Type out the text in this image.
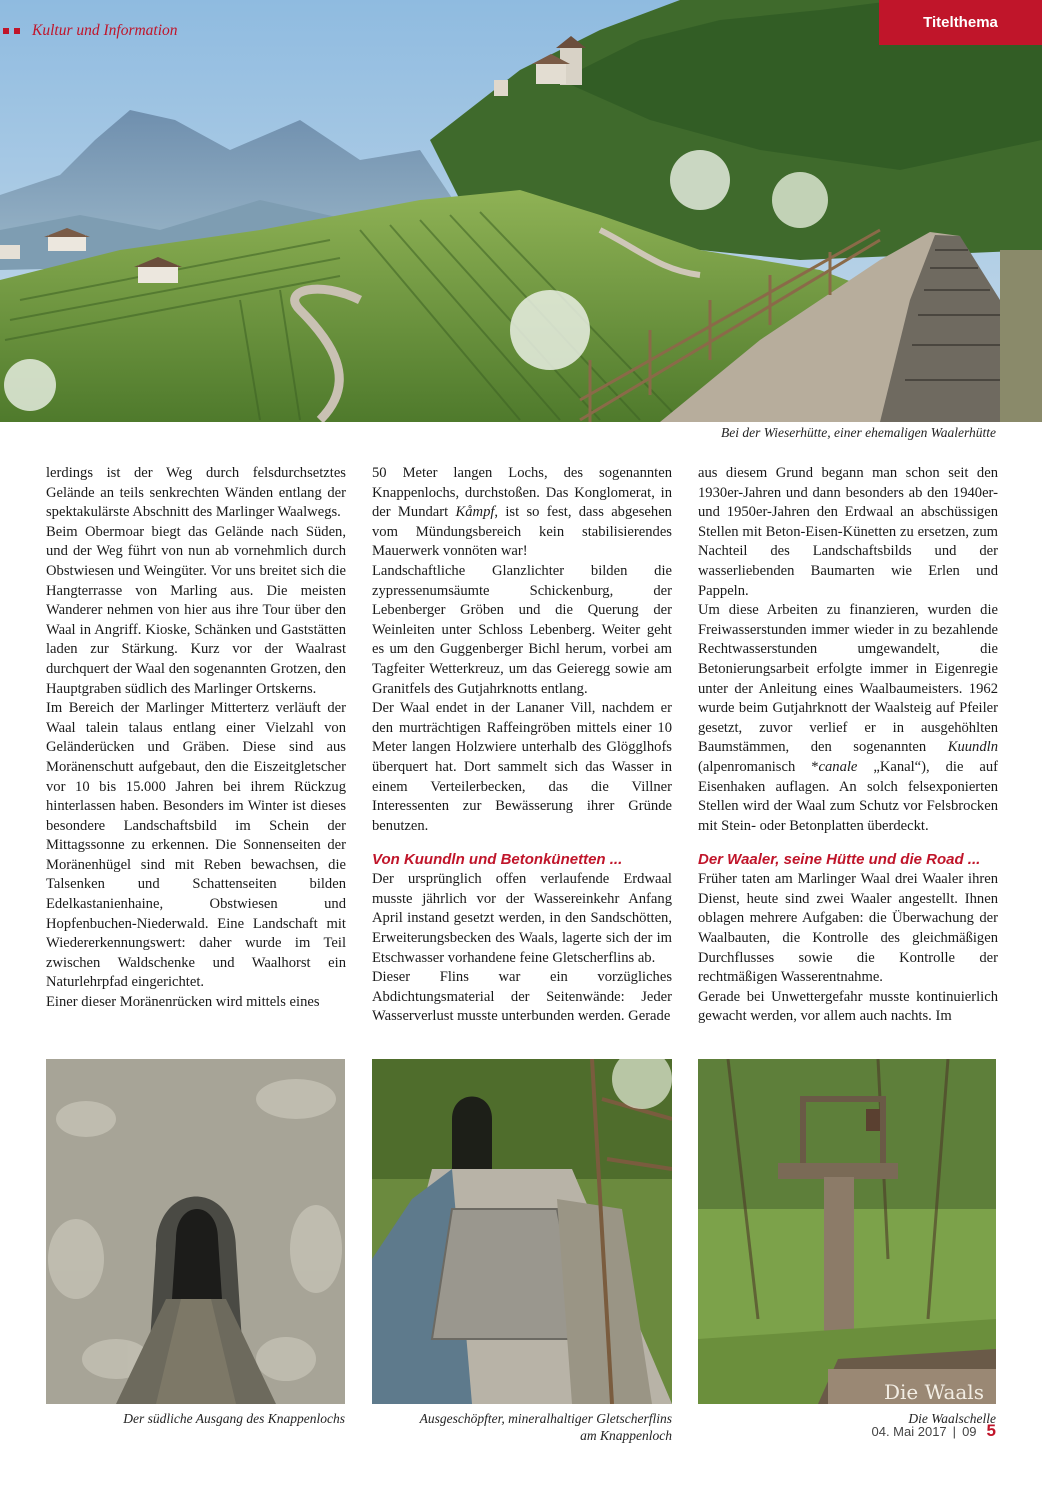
Kultur und Information	Titelthema
Bei der Wieserhütte, einer ehemaligen Waalerhütte

lerdings ist der Weg durch felsdurchsetztes Gelände an teils senkrechten Wänden entlang der spektakulärste Abschnitt des Marlinger Waalwegs.

Beim Obermoar biegt das Gelände nach Süden, und der Weg führt von nun ab vornehmlich durch Obstwiesen und Weingüter. Vor uns breitet sich die Hangterrasse von Marling aus. Die meisten Wanderer nehmen von hier aus ihre Tour über den Waal in Angriff. Kioske, Schänken und Gaststätten laden zur Stärkung. Kurz vor der Waalrast durchquert der Waal den sogenannten Grotzen, den Hauptgraben südlich des Marlinger Ortskerns.

Im Bereich der Marlinger Mitterterz verläuft der Waal talein talaus entlang einer Vielzahl von Geländerücken und Gräben. Diese sind aus Moränenschutt aufgebaut, den die Eiszeitgletscher vor 10 bis 15.000 Jahren bei ihrem Rückzug hinterlassen haben. Besonders im Winter ist dieses besondere Landschaftsbild im Schein der Mittagssonne zu erkennen. Die Sonnenseiten der Moränenhügel sind mit Reben bewachsen, die Talsenken und Schattenseiten bilden Edelkastanienhaine, Obstwiesen und Hopfenbuchen-Niederwald. Eine Landschaft mit Wiedererkennungswert: daher wurde im Teil zwischen Waldschenke und Waalhorst ein Naturlehrpfad eingerichtet.

Einer dieser Moränenrücken wird mittels eines

50 Meter langen Lochs, des sogenannten Knappenlochs, durchstoßen. Das Konglomerat, in der Mundart Kåmpf, ist so fest, dass abgesehen vom Mündungsbereich kein stabilisierendes Mauerwerk vonnöten war!

Landschaftliche Glanzlichter bilden die zypressenumsäumte Schickenburg, der Lebenberger Gröben und die Querung der Weinleiten unter Schloss Lebenberg. Weiter geht es um den Guggenberger Bichl herum, vorbei am Tagfeiter Wetterkreuz, um das Geieregg sowie am Granitfels des Gutjahrknotts entlang.

Der Waal endet in der Lananer Vill, nachdem er den murträchtigen Raffeingröben mittels einer 10 Meter langen Holzwiere unterhalb des Glögglhofs überquert hat. Dort sammelt sich das Wasser in einem Verteilerbecken, das die Villner Interessenten zur Bewässerung ihrer Gründe benutzen.

Von Kuundln und Betonkünetten ...

Der ursprünglich offen verlaufende Erdwaal musste jährlich vor der Wassereinkehr Anfang April instand gesetzt werden, in den Sandschötten, Erweiterungsbecken des Waals, lagerte sich der im Etschwasser vorhandene feine Gletscherflins ab.

Dieser Flins war ein vorzügliches Abdichtungsmaterial der Seitenwände: Jeder Wasserverlust musste unterbunden werden. Gerade

aus diesem Grund begann man schon seit den 1930er-Jahren und dann besonders ab den 1940er- und 1950er-Jahren den Erdwaal an abschüssigen Stellen mit Beton-Eisen-Künetten zu ersetzen, zum Nachteil des Landschaftsbilds und der wasserliebenden Baumarten wie Erlen und Pappeln.

Um diese Arbeiten zu finanzieren, wurden die Freiwasserstunden immer wieder in zu bezahlende Rechtwasserstunden umgewandelt, die Betonierungsarbeit erfolgte immer in Eigenregie unter der Anleitung eines Waalbaumeisters. 1962 wurde beim Gutjahrknott der Waalsteig auf Pfeiler gesetzt, zuvor verlief er in ausgehöhlten Baumstämmen, den sogenannten Kuundln (alpenromanisch *canale „Kanal“), die auf Eisenhaken auflagen. An solch felsexponierten Stellen wird der Waal zum Schutz vor Felsbrocken mit Stein- oder Betonplatten überdeckt.

Der Waaler, seine Hütte und die Road ...

Früher taten am Marlinger Waal drei Waaler ihren Dienst, heute sind zwei Waaler angestellt. Ihnen oblagen mehrere Aufgaben: die Überwachung der Waalbauten, die Kontrolle des gleichmäßigen Durchflusses sowie die Kontrolle der rechtmäßigen Wasserentnahme.

Gerade bei Unwettergefahr musste kontinuierlich gewacht werden, vor allem auch nachts. Im

Der südliche Ausgang des Knappenlochs	Ausgeschöpfter, mineralhaltiger Gletscherflins
am Knappenloch
Die Waals
Die Waalschelle
04. Mai 2017 | 09 5
